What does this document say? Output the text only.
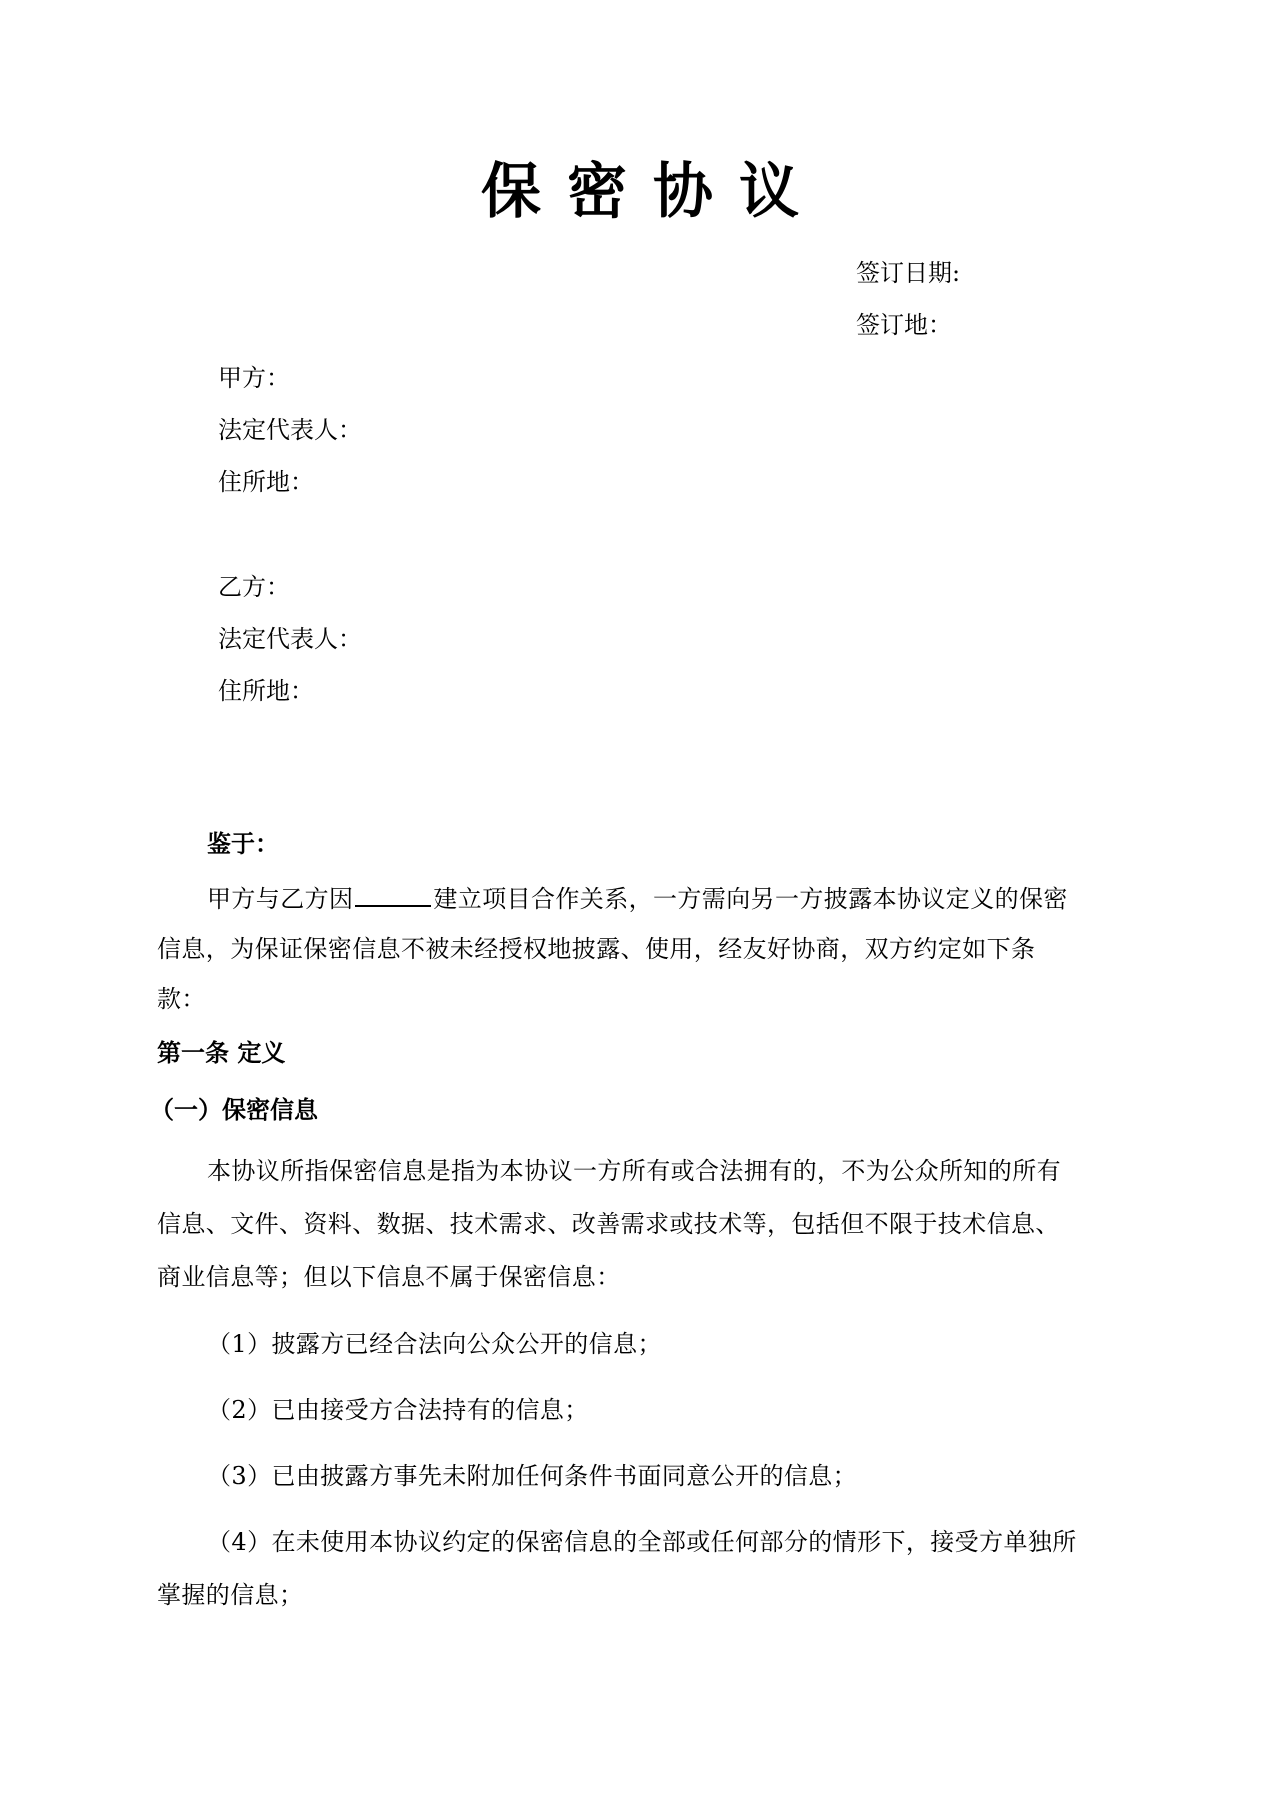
保密协议
签订日期:
签订地：
甲方：
法定代表人：
住所地：
乙方：
法定代表人：
住所地：
鉴于：
甲方与乙方因	建立项目合作关系，一方需向另一方披露本协议定义的保密
信息，为保证保密信息不被未经授权地披露、使用，经友好协商，双方约定如下条
款：
第一条 定义
（一）保密信息
本协议所指保密信息是指为本协议一方所有或合法拥有的，不为公众所知的所有
信息、文件、资料、数据、技术需求、改善需求或技术等，包括但不限于技术信息、
商业信息等；但以下信息不属于保密信息：
（1）披露方已经合法向公众公开的信息；
（2）已由接受方合法持有的信息；
（3）已由披露方事先未附加任何条件书面同意公开的信息；
（4）在未使用本协议约定的保密信息的全部或任何部分的情形下，接受方单独所
掌握的信息；
